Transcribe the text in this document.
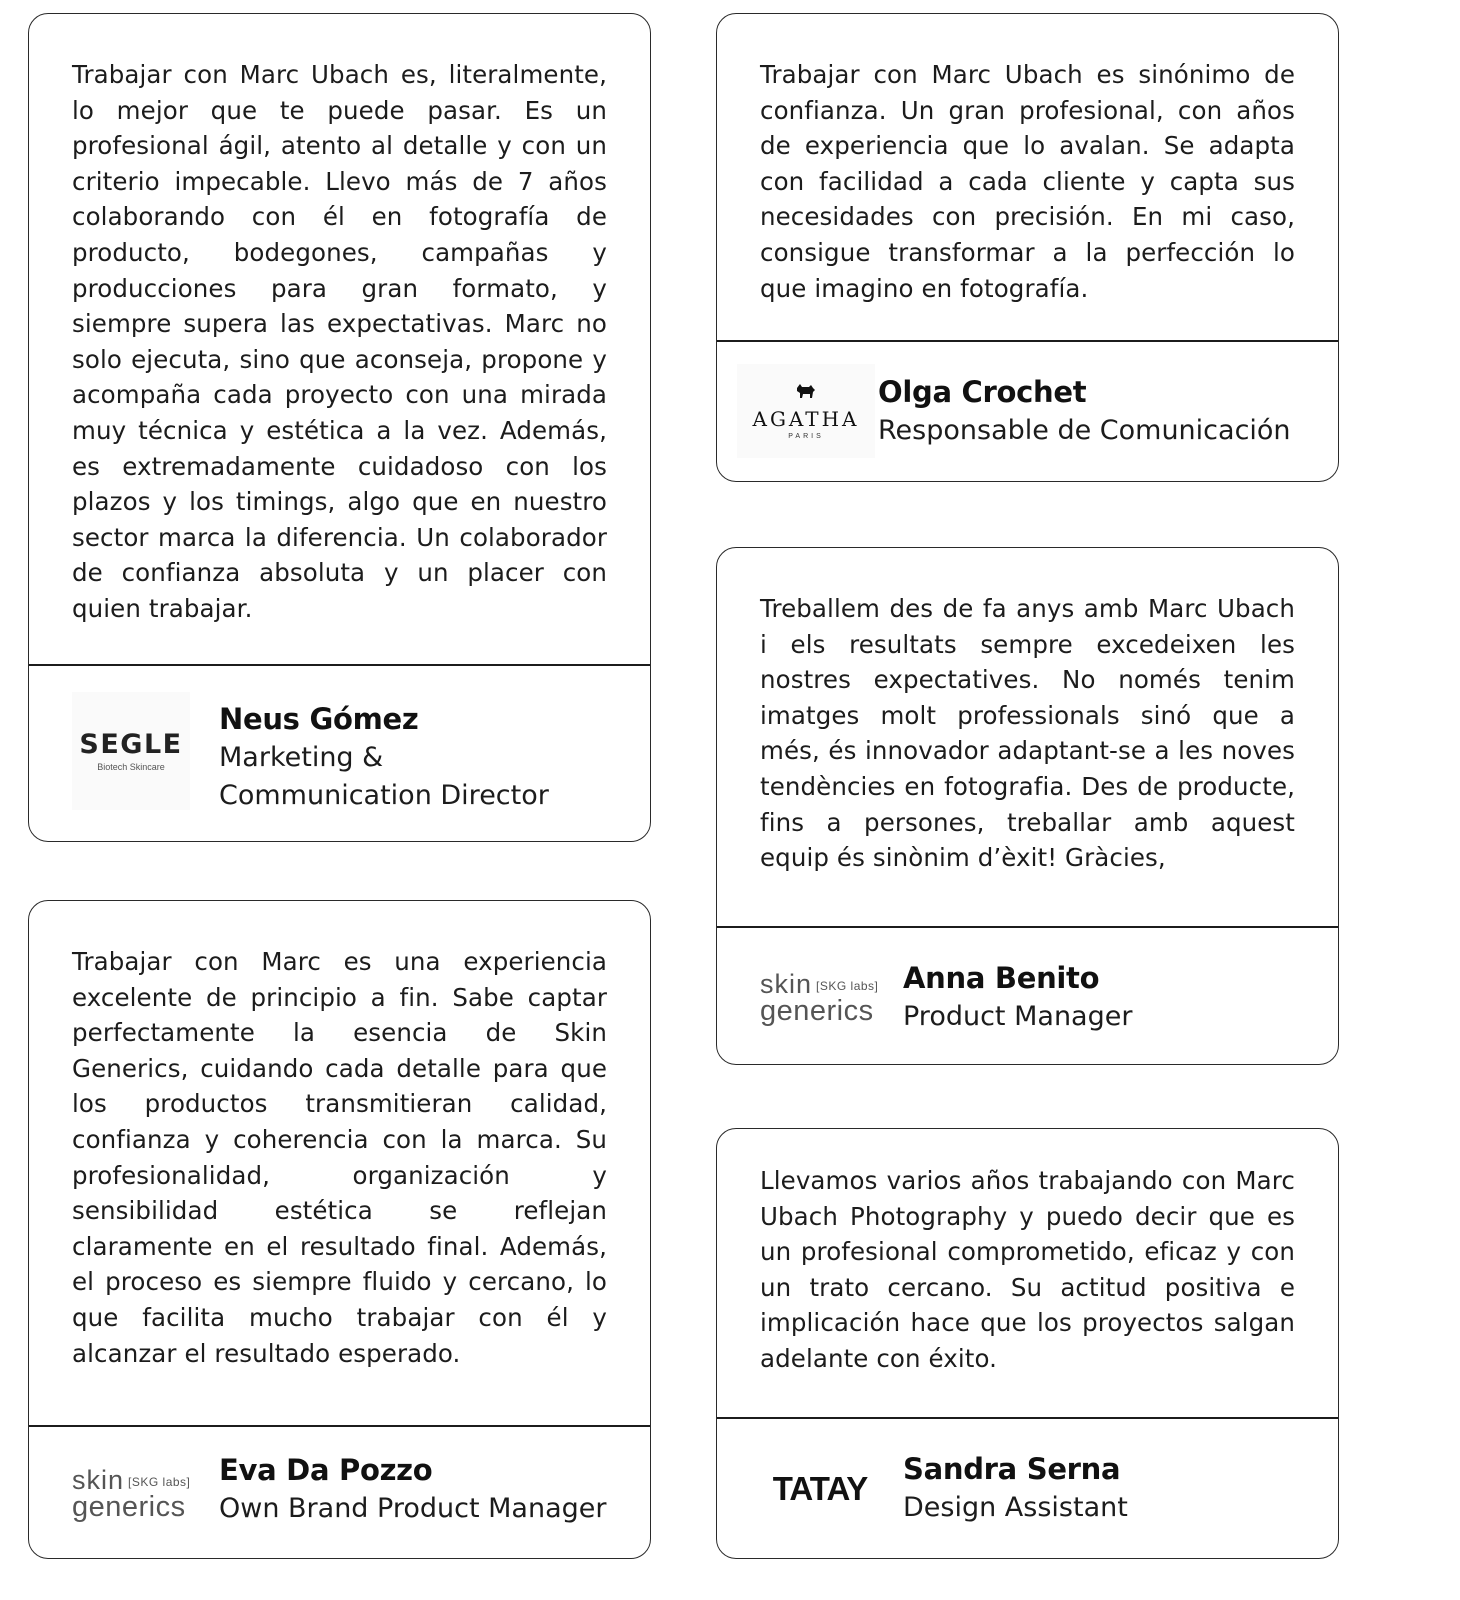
Trabajar con Marc Ubach es, literalmente, lo mejor que te puede pasar. Es un profesional ágil, atento al detalle y con un criterio impecable. Llevo más de 7 años colaborando con él en fotografía de producto, bodegones, campañas y producciones para gran formato, y siempre supera las expectativas. Marc no solo ejecuta, sino que aconseja, propone y acompaña cada proyecto con una mirada muy técnica y estética a la vez. Además, es extremadamente cuidadoso con los plazos y los timings, algo que en nuestro sector marca la diferencia. Un colaborador de confianza absoluta y un placer con quien trabajar.

SEGLE
Biotech Skincare
Neus Gómez
Marketing & Communication Director

Trabajar con Marc Ubach es sinónimo de confianza. Un gran profesional, con años de experiencia que lo avalan. Se adapta con facilidad a cada cliente y capta sus necesidades con precisión. En mi caso, consigue transformar a la perfección lo que imagino en fotografía.

AGATHA
PARIS
Olga Crochet
Responsable de Comunicación

Treballem des de fa anys amb Marc Ubach i els resultats sempre excedeixen les nostres expectatives. No només tenim imatges molt professionals sinó que a més, és innovador adaptant-se a les noves tendències en fotografia. Des de producte, fins a persones, treballar amb aquest equip és sinònim d’èxit! Gràcies,

skin [SKG labs]
generics
Anna Benito
Product Manager

Trabajar con Marc es una experiencia excelente de principio a fin. Sabe captar perfectamente la esencia de Skin Generics, cuidando cada detalle para que los productos transmitieran calidad, confianza y coherencia con la marca. Su profesionalidad, organización y sensibilidad estética se reflejan claramente en el resultado final. Además, el proceso es siempre fluido y cercano, lo que facilita mucho trabajar con él y alcanzar el resultado esperado.

skin [SKG labs]
generics
Eva Da Pozzo
Own Brand Product Manager

Llevamos varios años trabajando con Marc Ubach Photography y puedo decir que es un profesional comprometido, eficaz y con un trato cercano. Su actitud positiva e implicación hace que los proyectos salgan adelante con éxito.

TATAY
Sandra Serna
Design Assistant
